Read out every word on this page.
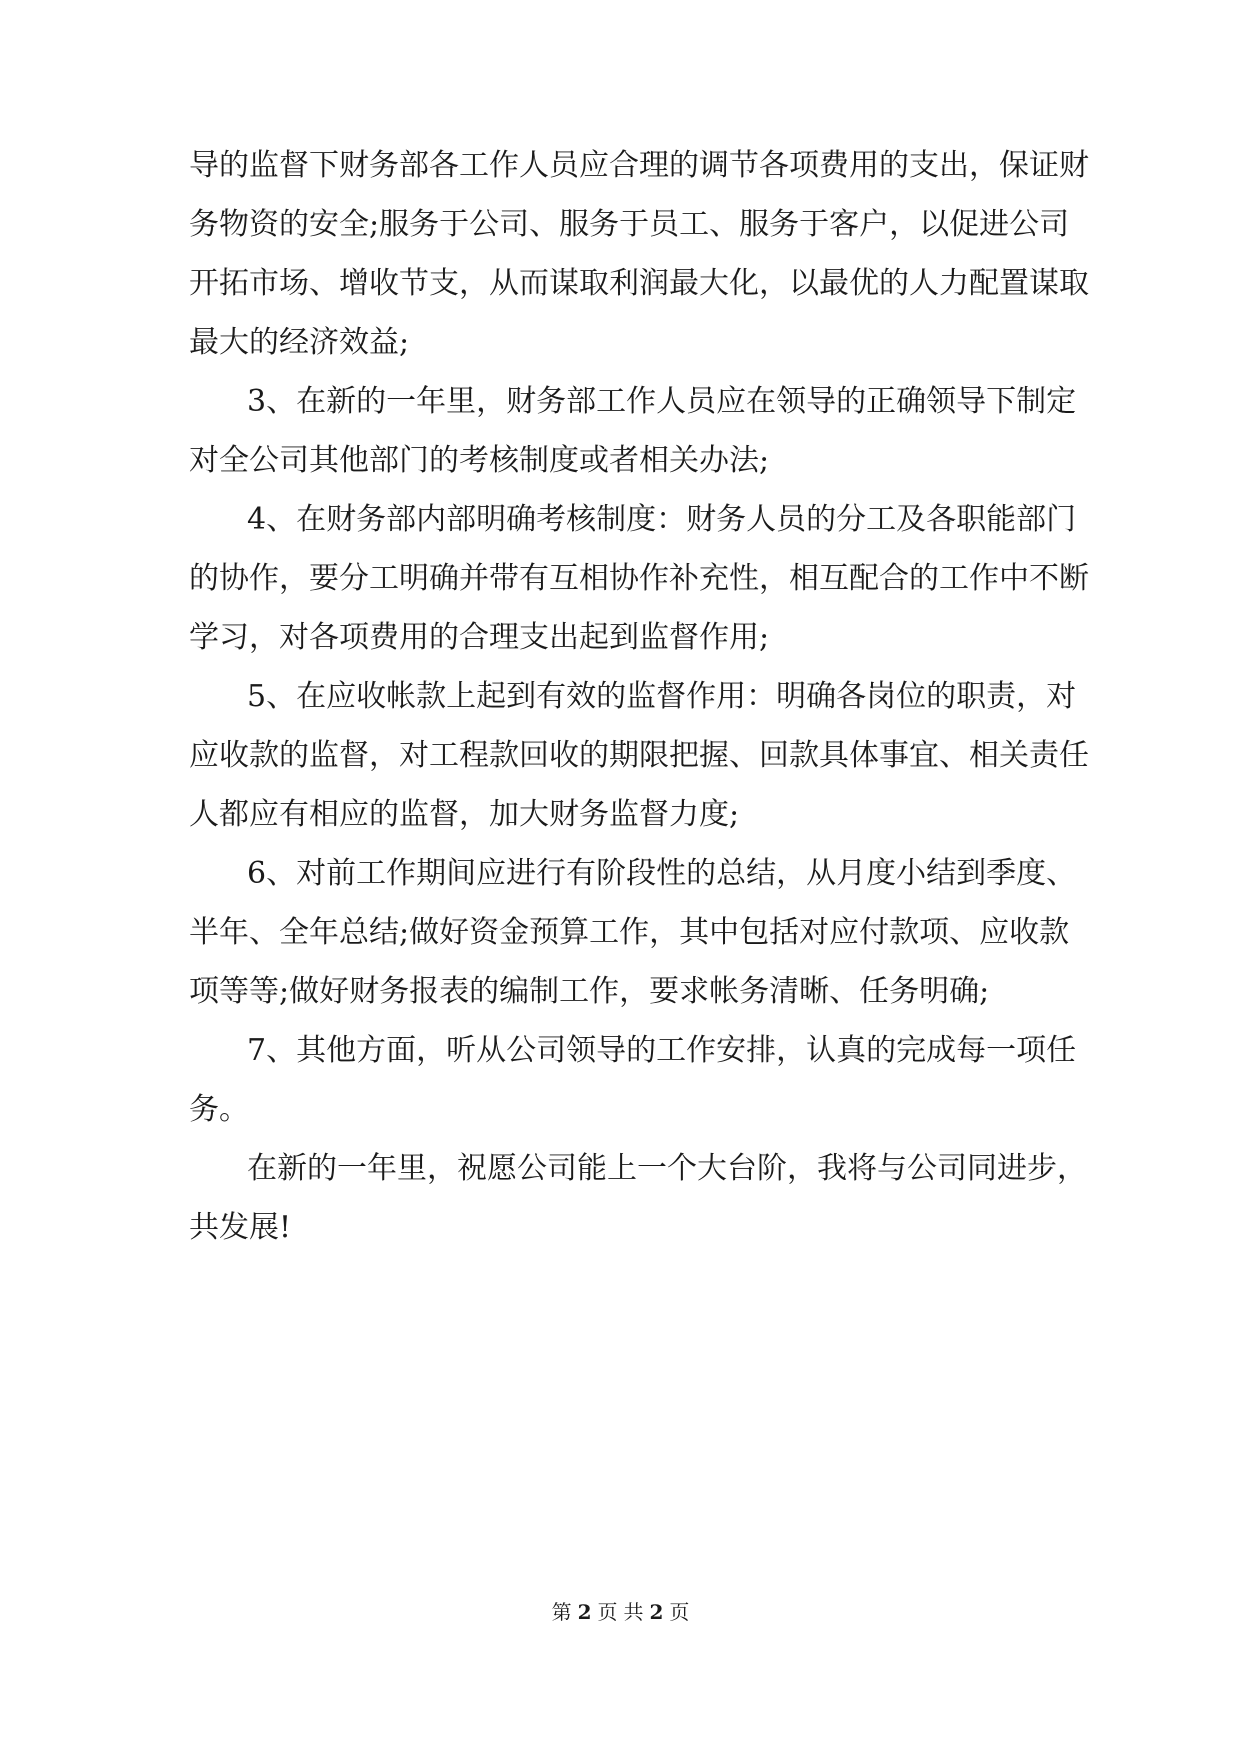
导的监督下财务部各工作人员应合理的调节各项费用的支出，保证财
务物资的安全;服务于公司、服务于员工、服务于客户，以促进公司
开拓市场、增收节支，从而谋取利润最大化，以最优的人力配置谋取
最大的经济效益;
3、在新的一年里，财务部工作人员应在领导的正确领导下制定
对全公司其他部门的考核制度或者相关办法;
4、在财务部内部明确考核制度：财务人员的分工及各职能部门
的协作，要分工明确并带有互相协作补充性，相互配合的工作中不断
学习，对各项费用的合理支出起到监督作用;
5、在应收帐款上起到有效的监督作用：明确各岗位的职责，对
应收款的监督，对工程款回收的期限把握、回款具体事宜、相关责任
人都应有相应的监督，加大财务监督力度;
6、对前工作期间应进行有阶段性的总结，从月度小结到季度、
半年、全年总结;做好资金预算工作，其中包括对应付款项、应收款
项等等;做好财务报表的编制工作，要求帐务清晰、任务明确;
7、其他方面，听从公司领导的工作安排，认真的完成每一项任
务。
在新的一年里，祝愿公司能上一个大台阶，我将与公司同进步，
共发展!
第 2 页 共 2 页
